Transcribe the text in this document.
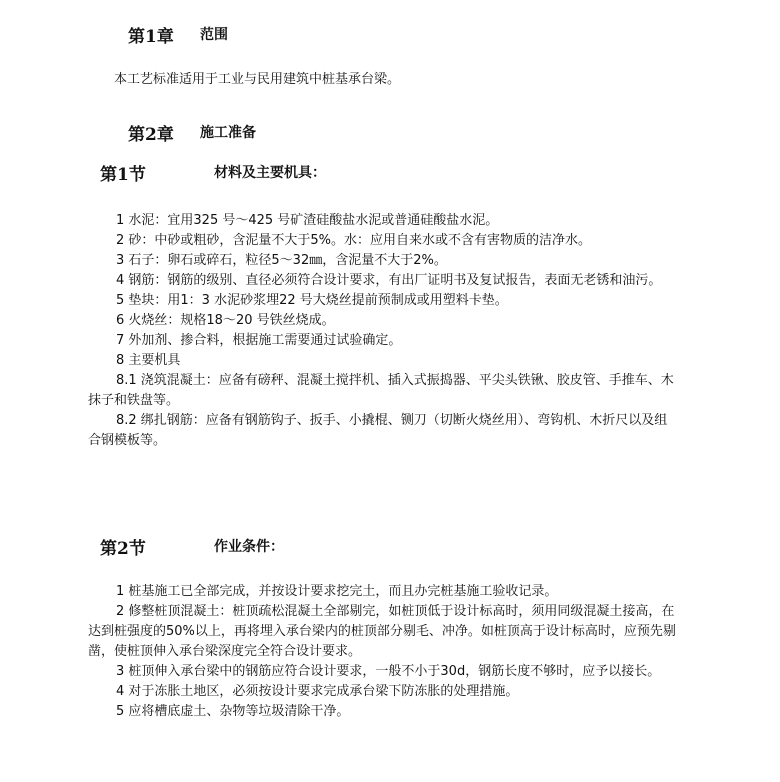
第1章 范围
本工艺标准适用于工业与民用建筑中桩基承台梁。
第2章 施工准备
第1节	材料及主要机具：

1 水泥：宜用325 号～425 号矿渣硅酸盐水泥或普通硅酸盐水泥。

2 砂：中砂或粗砂，含泥量不大于5%。水：应用自来水或不含有害物质的洁净水。

3 石子：卵石或碎石，粒径5～32㎜，含泥量不大于2%。

4 钢筋：钢筋的级别、直径必须符合设计要求，有出厂证明书及复试报告，表面无老锈和油污。

5 垫块：用1：3 水泥砂浆埋22 号大烧丝提前预制成或用塑料卡垫。

6 火烧丝：规格18～20 号铁丝烧成。

7 外加剂、掺合料，根据施工需要通过试验确定。

8 主要机具

8.1 浇筑混凝土：应备有磅秤、混凝土搅拌机、插入式振捣器、平尖头铁锹、胶皮管、手推车、木抹子和铁盘等。

8.2 绑扎钢筋：应备有钢筋钩子、扳手、小撬棍、铡刀（切断火烧丝用）、弯钩机、木折尺以及组合钢模板等。

第2节	作业条件：

1 桩基施工已全部完成，并按设计要求挖完土，而且办完桩基施工验收记录。

2 修整桩顶混凝土：桩顶疏松混凝土全部剔完，如桩顶低于设计标高时，须用同级混凝土接高，在达到桩强度的50%以上，再将埋入承台梁内的桩顶部分剔毛、冲净。如桩顶高于设计标高时，应预先剔凿，使桩顶伸入承台梁深度完全符合设计要求。

3 桩顶伸入承台梁中的钢筋应符合设计要求，一般不小于30d，钢筋长度不够时，应予以接长。

4 对于冻胀土地区，必须按设计要求完成承台梁下防冻胀的处理措施。

5 应将槽底虚土、杂物等垃圾清除干净。
